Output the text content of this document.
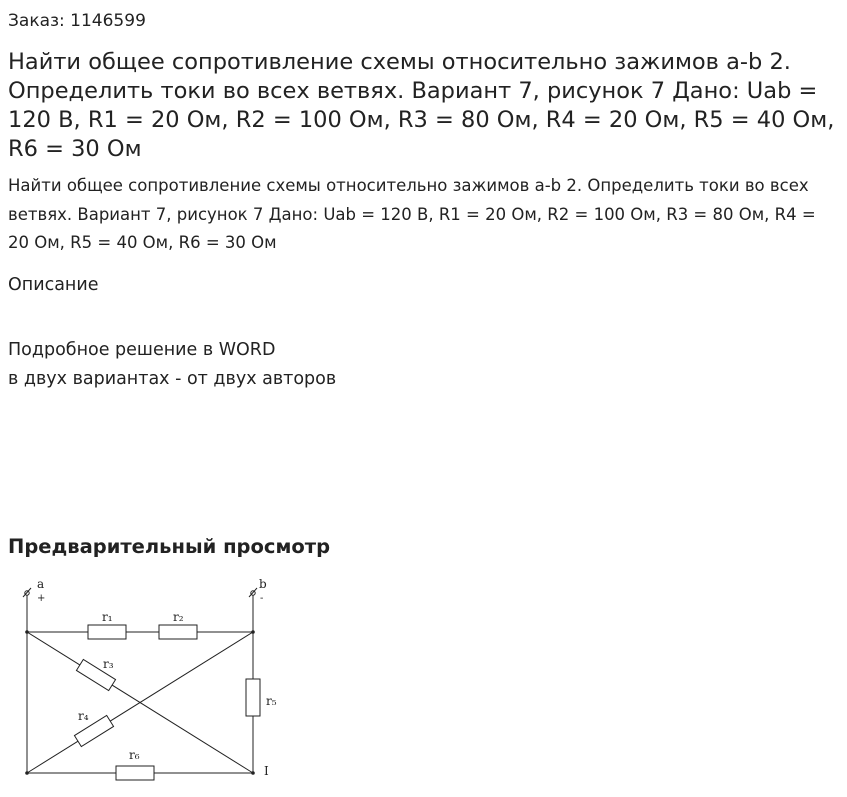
Заказ: 1146599
Найти общее сопротивление схемы относительно зажимов a-b 2. Определить токи во всех ветвях. Вариант 7, рисунок 7 Дано: Uab = 120 В, R1 = 20 Ом, R2 = 100 Ом, R3 = 80 Ом, R4 = 20 Ом, R5 = 40 Ом, R6 = 30 Ом
Найти общее сопротивление схемы относительно зажимов a-b 2. Определить токи во всех ветвях. Вариант 7, рисунок 7 Дано: Uab = 120 В, R1 = 20 Ом, R2 = 100 Ом, R3 = 80 Ом, R4 = 20 Ом, R5 = 40 Ом, R6 = 30 Ом
Описание
Подробное решение в WORD
в двух вариантах - от двух авторов
Предварительный просмотр
a
+
b
-
r₁	r₂
r₃
r₄
r₅
r₆
I
